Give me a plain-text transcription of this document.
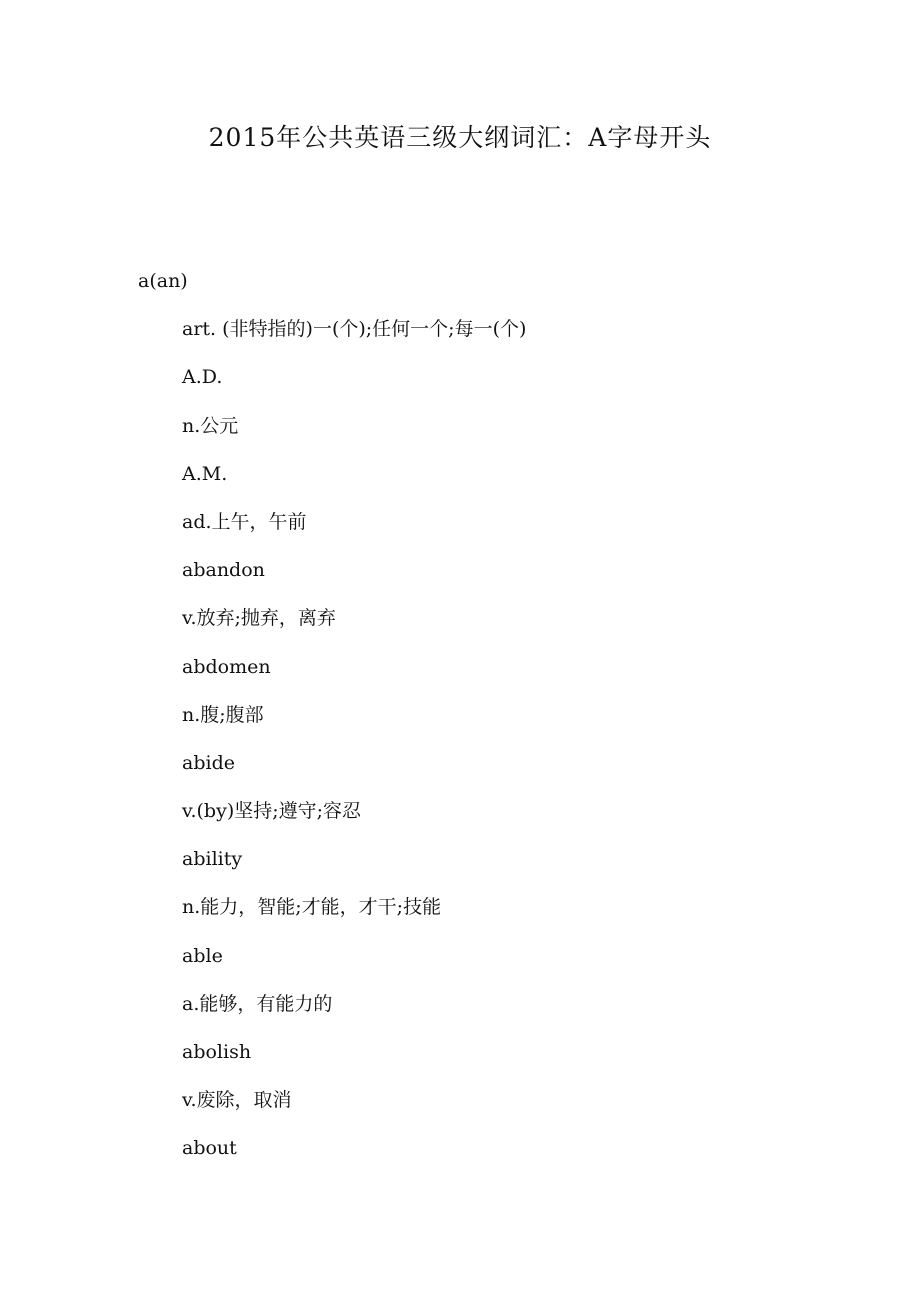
2015年公共英语三级大纲词汇：A字母开头
a(an)
art. (非特指的)一(个);任何一个;每一(个)
A.D.
n.公元
A.M.
ad.上午，午前
abandon
v.放弃;抛弃，离弃
abdomen
n.腹;腹部
abide
v.(by)坚持;遵守;容忍
ability
n.能力，智能;才能，才干;技能
able
a.能够，有能力的
abolish
v.废除，取消
about
